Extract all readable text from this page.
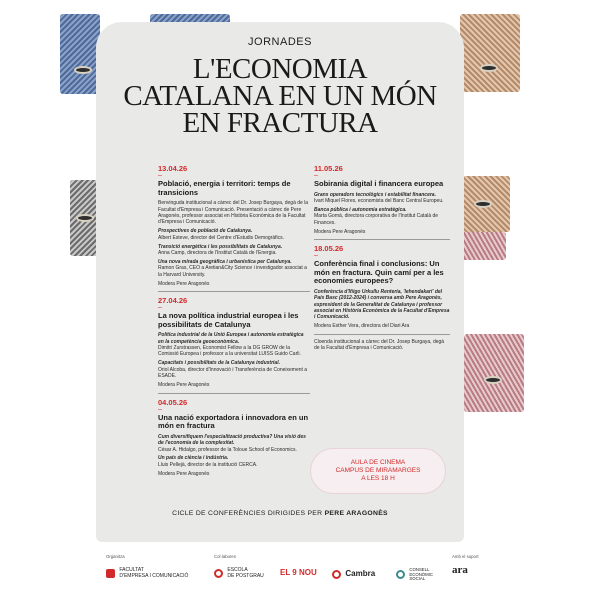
JORNADES
L'ECONOMIA
CATALANA EN UN MÓN
EN FRACTURA
13.04.26
–
Població, energia i territori: temps de transicions
Benvinguda institucional a càrrec del Dr. Josep Burgaya, degà de la Facultat d'Empresa i Comunicació. Presentació a càrrec de Pere Aragonès, professor associat en Història Econòmica de la Facultat d'Empresa i Comunicació.
Prospectives de població de Catalunya.
Albert Esteve, director del Centre d'Estudis Demogràfics.
Transició energètica i les possibilitats de Catalunya.
Anna Camp, directora de l'Institut Català de l'Energia.
Una nova mirada geogràfica i urbanística per Catalunya.
Ramon Gras, CEO a Aretian&City Science i investigador associat a la Harvard University.
Modera Pere Aragonès
27.04.26
–
La nova política industrial europea i les possibilitats de Catalunya
Política industrial de la Unió Europea i autonomia estratègica en la competència geoeconòmica.
Dimitri Zurstrassen, Economist Fellow a la DG GROW de la Comissió Europea i professor a la universitat LUISS Guido Carli.
Capacitats i possibilitats de la Catalunya industrial.
Oriol Alcoba, director d'Innovació i Transferència de Coneixement a ESADE.
Modera Pere Aragonès
04.05.26
–
Una nació exportadora i innovadora en un món en fractura
Cum diversifiquem l'especialització productiva? Una visió des de l'economia de la complexitat.
César A. Hidalgo, professor de la Toloue School of Economics.
Un país de ciència i indústria.
Lluis Pellejà, director de la institució CERCA.
Modera Pere Aragonès
11.05.26
–
Sobirania digital i financera europea
Grans operadors tecnològics i estabilitat financera.
Ivart Miquel Flores, economista del Banc Central Europeu.
Banca pública i autonomia estratègica.
Marta Gomà, directora corporativa de l'Institut Català de Finances.
Modera Pere Aragonès
18.05.26
–
Conferència final i conclusions: Un món en fractura. Quin camí per a les economies europees?
Conferència d'Iñigo Urkullu Renteria, 'lehendakari' del País Basc (2012-2024) i conversa amb Pere Aragonès, expresident de la Generalitat de Catalunya i professor associat en Història Econòmica de la Facultat d'Empresa i Comunicació.
Modera Esther Vera, directora del Diari Ara
Cloenda institucional a càrrec del Dr. Josep Burgaya, degà de la Facultat d'Empresa i Comunicació.
AULA DE CINEMA
CAMPUS DE MIRAMARGES
A LES 18 H
CICLE DE CONFERÈNCIES DIRIGIDES PER PERE ARAGONÈS
Organitza	Col·laboren	Amb el suport

FACULTAT
D'EMPRESA I COMUNICACIÓ

ESCOLA
DE POSTGRAU EL 9 NOU	Cambra
	CONSELL
ECONÒMIC
SOCIAL
ara
